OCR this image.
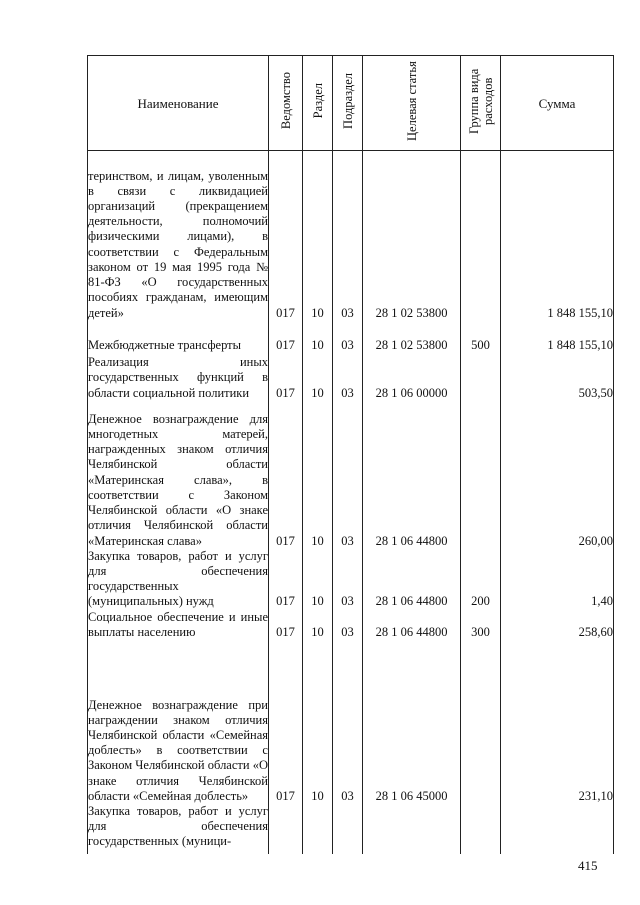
Наименование	Ведомство	Раздел	Подраздел	Целевая статья	Группа вида расходов	Сумма
теринством, и лицам, уволенным в связи с ликвидацией организаций (прекращением деятельности, полномочий физическими лицами), в соответствии с Федеральным законом от 19 мая 1995 года № 81-ФЗ «О государственных пособиях гражданам, имеющим детей»	017	10	03	28 1 02 53800		1 848 155,10
Межбюджетные трансферты	017	10	03	28 1 02 53800	500	1 848 155,10
Реализация иных государственных функций в области социальной политики	017	10	03	28 1 06 00000		503,50
Денежное вознаграждение для многодетных матерей, награжденных знаком отличия Челябинской области «Материнская слава», в соответствии с Законом Челябинской области «О знаке отличия Челябинской области «Материнская слава»	017	10	03	28 1 06 44800		260,00
Закупка товаров, работ и услуг для обеспечения государственных (муниципальных) нужд	017	10	03	28 1 06 44800	200	1,40
Социальное обеспечение и иные выплаты населению	017	10	03	28 1 06 44800	300	258,60
Денежное вознаграждение при награждении знаком отличия Челябинской области «Семейная доблесть» в соответствии с Законом Челябинской области «О знаке отличия Челябинской области «Семейная доблесть»	017	10	03	28 1 06 45000		231,10
Закупка товаров, работ и услуг для обеспечения государственных (муници-						
415
